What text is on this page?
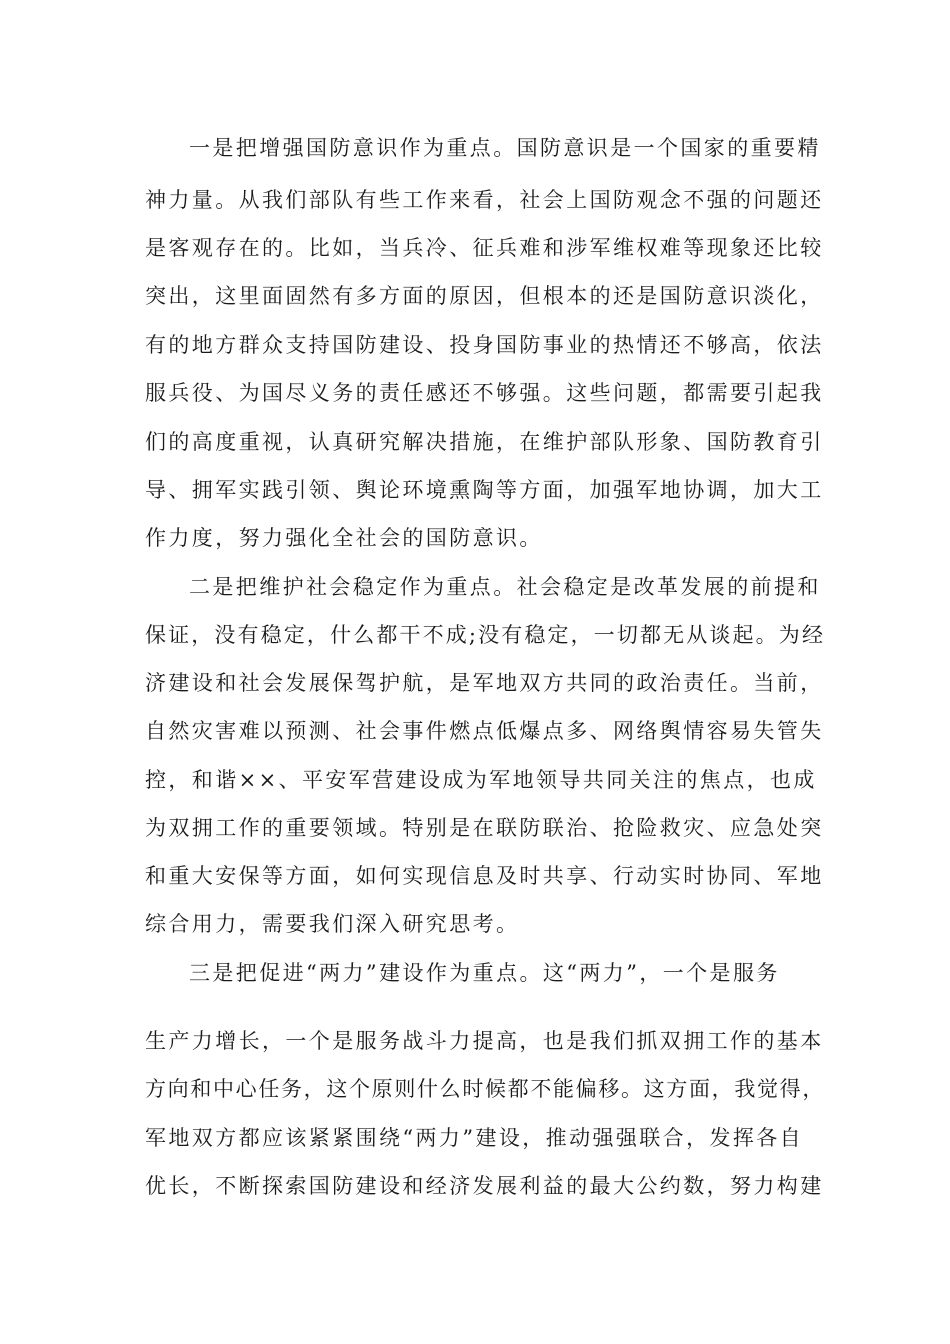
一是把增强国防意识作为重点。国防意识是一个国家的重要精
神力量。从我们部队有些工作来看，社会上国防观念不强的问题还
是客观存在的。比如，当兵冷、征兵难和涉军维权难等现象还比较
突出，这里面固然有多方面的原因，但根本的还是国防意识淡化，
有的地方群众支持国防建设、投身国防事业的热情还不够高，依法
服兵役、为国尽义务的责任感还不够强。这些问题，都需要引起我
们的高度重视，认真研究解决措施，在维护部队形象、国防教育引
导、拥军实践引领、舆论环境熏陶等方面，加强军地协调，加大工
作力度，努力强化全社会的国防意识。
二是把维护社会稳定作为重点。社会稳定是改革发展的前提和
保证，没有稳定，什么都干不成;没有稳定，一切都无从谈起。为经
济建设和社会发展保驾护航，是军地双方共同的政治责任。当前，
自然灾害难以预测、社会事件燃点低爆点多、网络舆情容易失管失
控，和谐××、平安军营建设成为军地领导共同关注的焦点，也成
为双拥工作的重要领域。特别是在联防联治、抢险救灾、应急处突
和重大安保等方面，如何实现信息及时共享、行动实时协同、军地
综合用力，需要我们深入研究思考。
三是把促进“两力”建设作为重点。这“两力”，一个是服务
生产力增长，一个是服务战斗力提高，也是我们抓双拥工作的基本
方向和中心任务，这个原则什么时候都不能偏移。这方面，我觉得，
军地双方都应该紧紧围绕“两力”建设，推动强强联合，发挥各自
优长，不断探索国防建设和经济发展利益的最大公约数，努力构建
